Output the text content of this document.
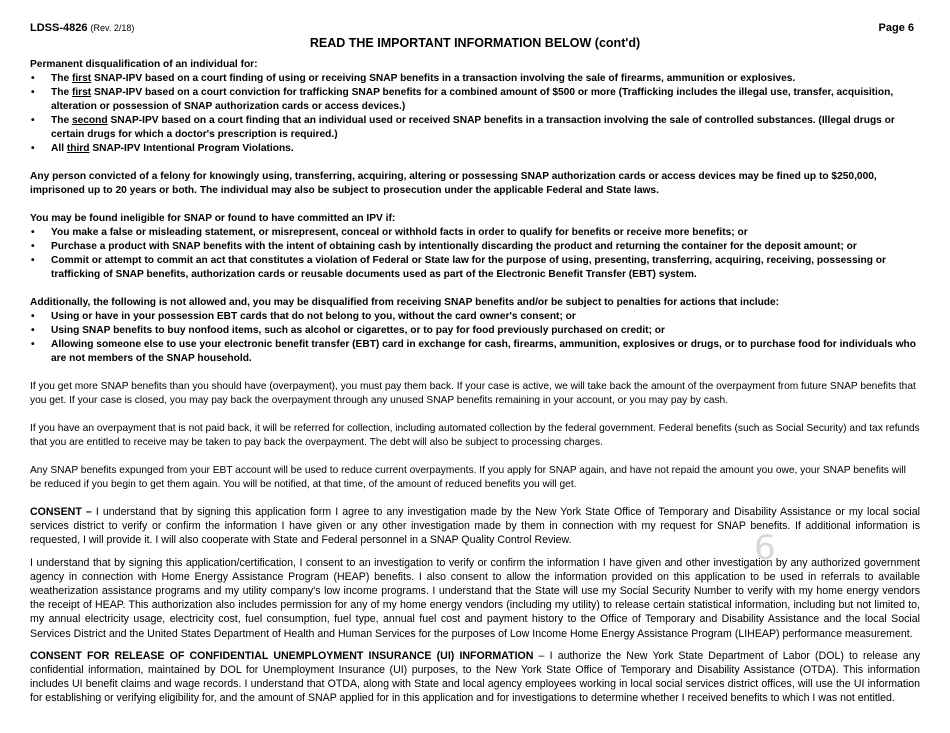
LDSS-4826 (Rev. 2/18)	Page 6
READ THE IMPORTANT INFORMATION BELOW (cont'd)

Permanent disqualification of an individual for:

• The first SNAP-IPV based on a court finding of using or receiving SNAP benefits in a transaction involving the sale of firearms, ammunition or explosives.
• The first SNAP-IPV based on a court conviction for trafficking SNAP benefits for a combined amount of $500 or more (Trafficking includes the illegal use, transfer, acquisition, alteration or possession of SNAP authorization cards or access devices.)
• The second SNAP-IPV based on a court finding that an individual used or received SNAP benefits in a transaction involving the sale of controlled substances. (Illegal drugs or certain drugs for which a doctor's prescription is required.)
• All third SNAP-IPV Intentional Program Violations.

Any person convicted of a felony for knowingly using, transferring, acquiring, altering or possessing SNAP authorization cards or access devices may be fined up to $250,000, imprisoned up to 20 years or both. The individual may also be subject to prosecution under the applicable Federal and State laws.

You may be found ineligible for SNAP or found to have committed an IPV if:

• You make a false or misleading statement, or misrepresent, conceal or withhold facts in order to qualify for benefits or receive more benefits; or
• Purchase a product with SNAP benefits with the intent of obtaining cash by intentionally discarding the product and returning the container for the deposit amount; or
• Commit or attempt to commit an act that constitutes a violation of Federal or State law for the purpose of using, presenting, transferring, acquiring, receiving, possessing or trafficking of SNAP benefits, authorization cards or reusable documents used as part of the Electronic Benefit Transfer (EBT) system.

Additionally, the following is not allowed and, you may be disqualified from receiving SNAP benefits and/or be subject to penalties for actions that include:

• Using or have in your possession EBT cards that do not belong to you, without the card owner's consent; or
• Using SNAP benefits to buy nonfood items, such as alcohol or cigarettes, or to pay for food previously purchased on credit; or
• Allowing someone else to use your electronic benefit transfer (EBT) card in exchange for cash, firearms, ammunition, explosives or drugs, or to purchase food for individuals who are not members of the SNAP household.

If you get more SNAP benefits than you should have (overpayment), you must pay them back. If your case is active, we will take back the amount of the overpayment from future SNAP benefits that you get. If your case is closed, you may pay back the overpayment through any unused SNAP benefits remaining in your account, or you may pay by cash.

If you have an overpayment that is not paid back, it will be referred for collection, including automated collection by the federal government. Federal benefits (such as Social Security) and tax refunds that you are entitled to receive may be taken to pay back the overpayment. The debt will also be subject to processing charges.

Any SNAP benefits expunged from your EBT account will be used to reduce current overpayments. If you apply for SNAP again, and have not repaid the amount you owe, your SNAP benefits will be reduced if you begin to get them again. You will be notified, at that time, of the amount of reduced benefits you will get.

CONSENT – I understand that by signing this application form I agree to any investigation made by the New York State Office of Temporary and Disability Assistance or my local social services district to verify or confirm the information I have given or any other investigation made by them in connection with my request for SNAP benefits. If additional information is requested, I will provide it. I will also cooperate with State and Federal personnel in a SNAP Quality Control Review.

I understand that by signing this application/certification, I consent to an investigation to verify or confirm the information I have given and other investigation by any authorized government agency in connection with Home Energy Assistance Program (HEAP) benefits. I also consent to allow the information provided on this application to be used in referrals to available weatherization assistance programs and my utility company's low income programs. I understand that the State will use my Social Security Number to verify with my home energy vendors the receipt of HEAP. This authorization also includes permission for any of my home energy vendors (including my utility) to release certain statistical information, including but not limited to, my annual electricity usage, electricity cost, fuel consumption, fuel type, annual fuel cost and payment history to the Office of Temporary and Disability Assistance and the local Social Services District and the United States Department of Health and Human Services for the purposes of Low Income Home Energy Assistance Program (LIHEAP) performance measurement.

CONSENT FOR RELEASE OF CONFIDENTIAL UNEMPLOYMENT INSURANCE (UI) INFORMATION – I authorize the New York State Department of Labor (DOL) to release any confidential information, maintained by DOL for Unemployment Insurance (UI) purposes, to the New York State Office of Temporary and Disability Assistance (OTDA). This information includes UI benefit claims and wage records. I understand that OTDA, along with State and local agency employees working in local social services district offices, will use the UI information for establishing or verifying eligibility for, and the amount of SNAP applied for in this application and for investigations to determine whether I received benefits to which I was not entitled.

6
